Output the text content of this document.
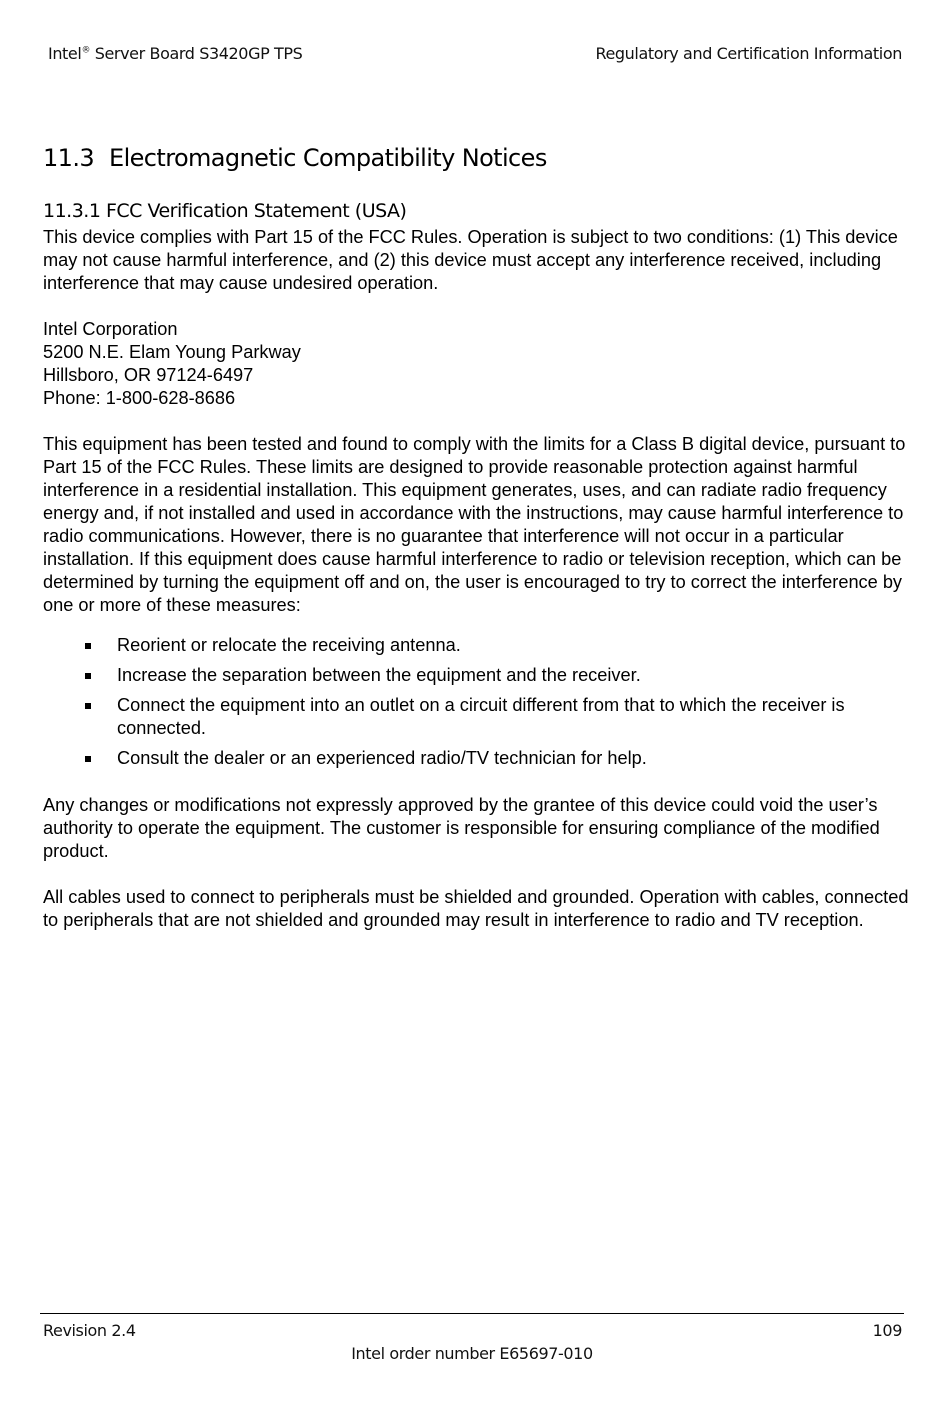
Intel® Server Board S3420GP TPS	Regulatory and Certification Information
11.3 Electromagnetic Compatibility Notices
11.3.1 FCC Verification Statement (USA)

This device complies with Part 15 of the FCC Rules. Operation is subject to two conditions: (1) This device may not cause harmful interference, and (2) this device must accept any interference received, including interference that may cause undesired operation.

Intel Corporation
5200 N.E. Elam Young Parkway
Hillsboro, OR 97124-6497
Phone: 1-800-628-8686

This equipment has been tested and found to comply with the limits for a Class B digital device, pursuant to Part 15 of the FCC Rules. These limits are designed to provide reasonable protection against harmful interference in a residential installation. This equipment generates, uses, and can radiate radio frequency energy and, if not installed and used in accordance with the instructions, may cause harmful interference to radio communications. However, there is no guarantee that interference will not occur in a particular installation. If this equipment does cause harmful interference to radio or television reception, which can be determined by turning the equipment off and on, the user is encouraged to try to correct the interference by one or more of these measures:

Reorient or relocate the receiving antenna.
Increase the separation between the equipment and the receiver.
Connect the equipment into an outlet on a circuit different from that to which the receiver is connected.
Consult the dealer or an experienced radio/TV technician for help.

Any changes or modifications not expressly approved by the grantee of this device could void the user’s authority to operate the equipment. The customer is responsible for ensuring compliance of the modified product.

All cables used to connect to peripherals must be shielded and grounded. Operation with cables, connected to peripherals that are not shielded and grounded may result in interference to radio and TV reception.

Revision 2.4	109
Intel order number E65697-010
